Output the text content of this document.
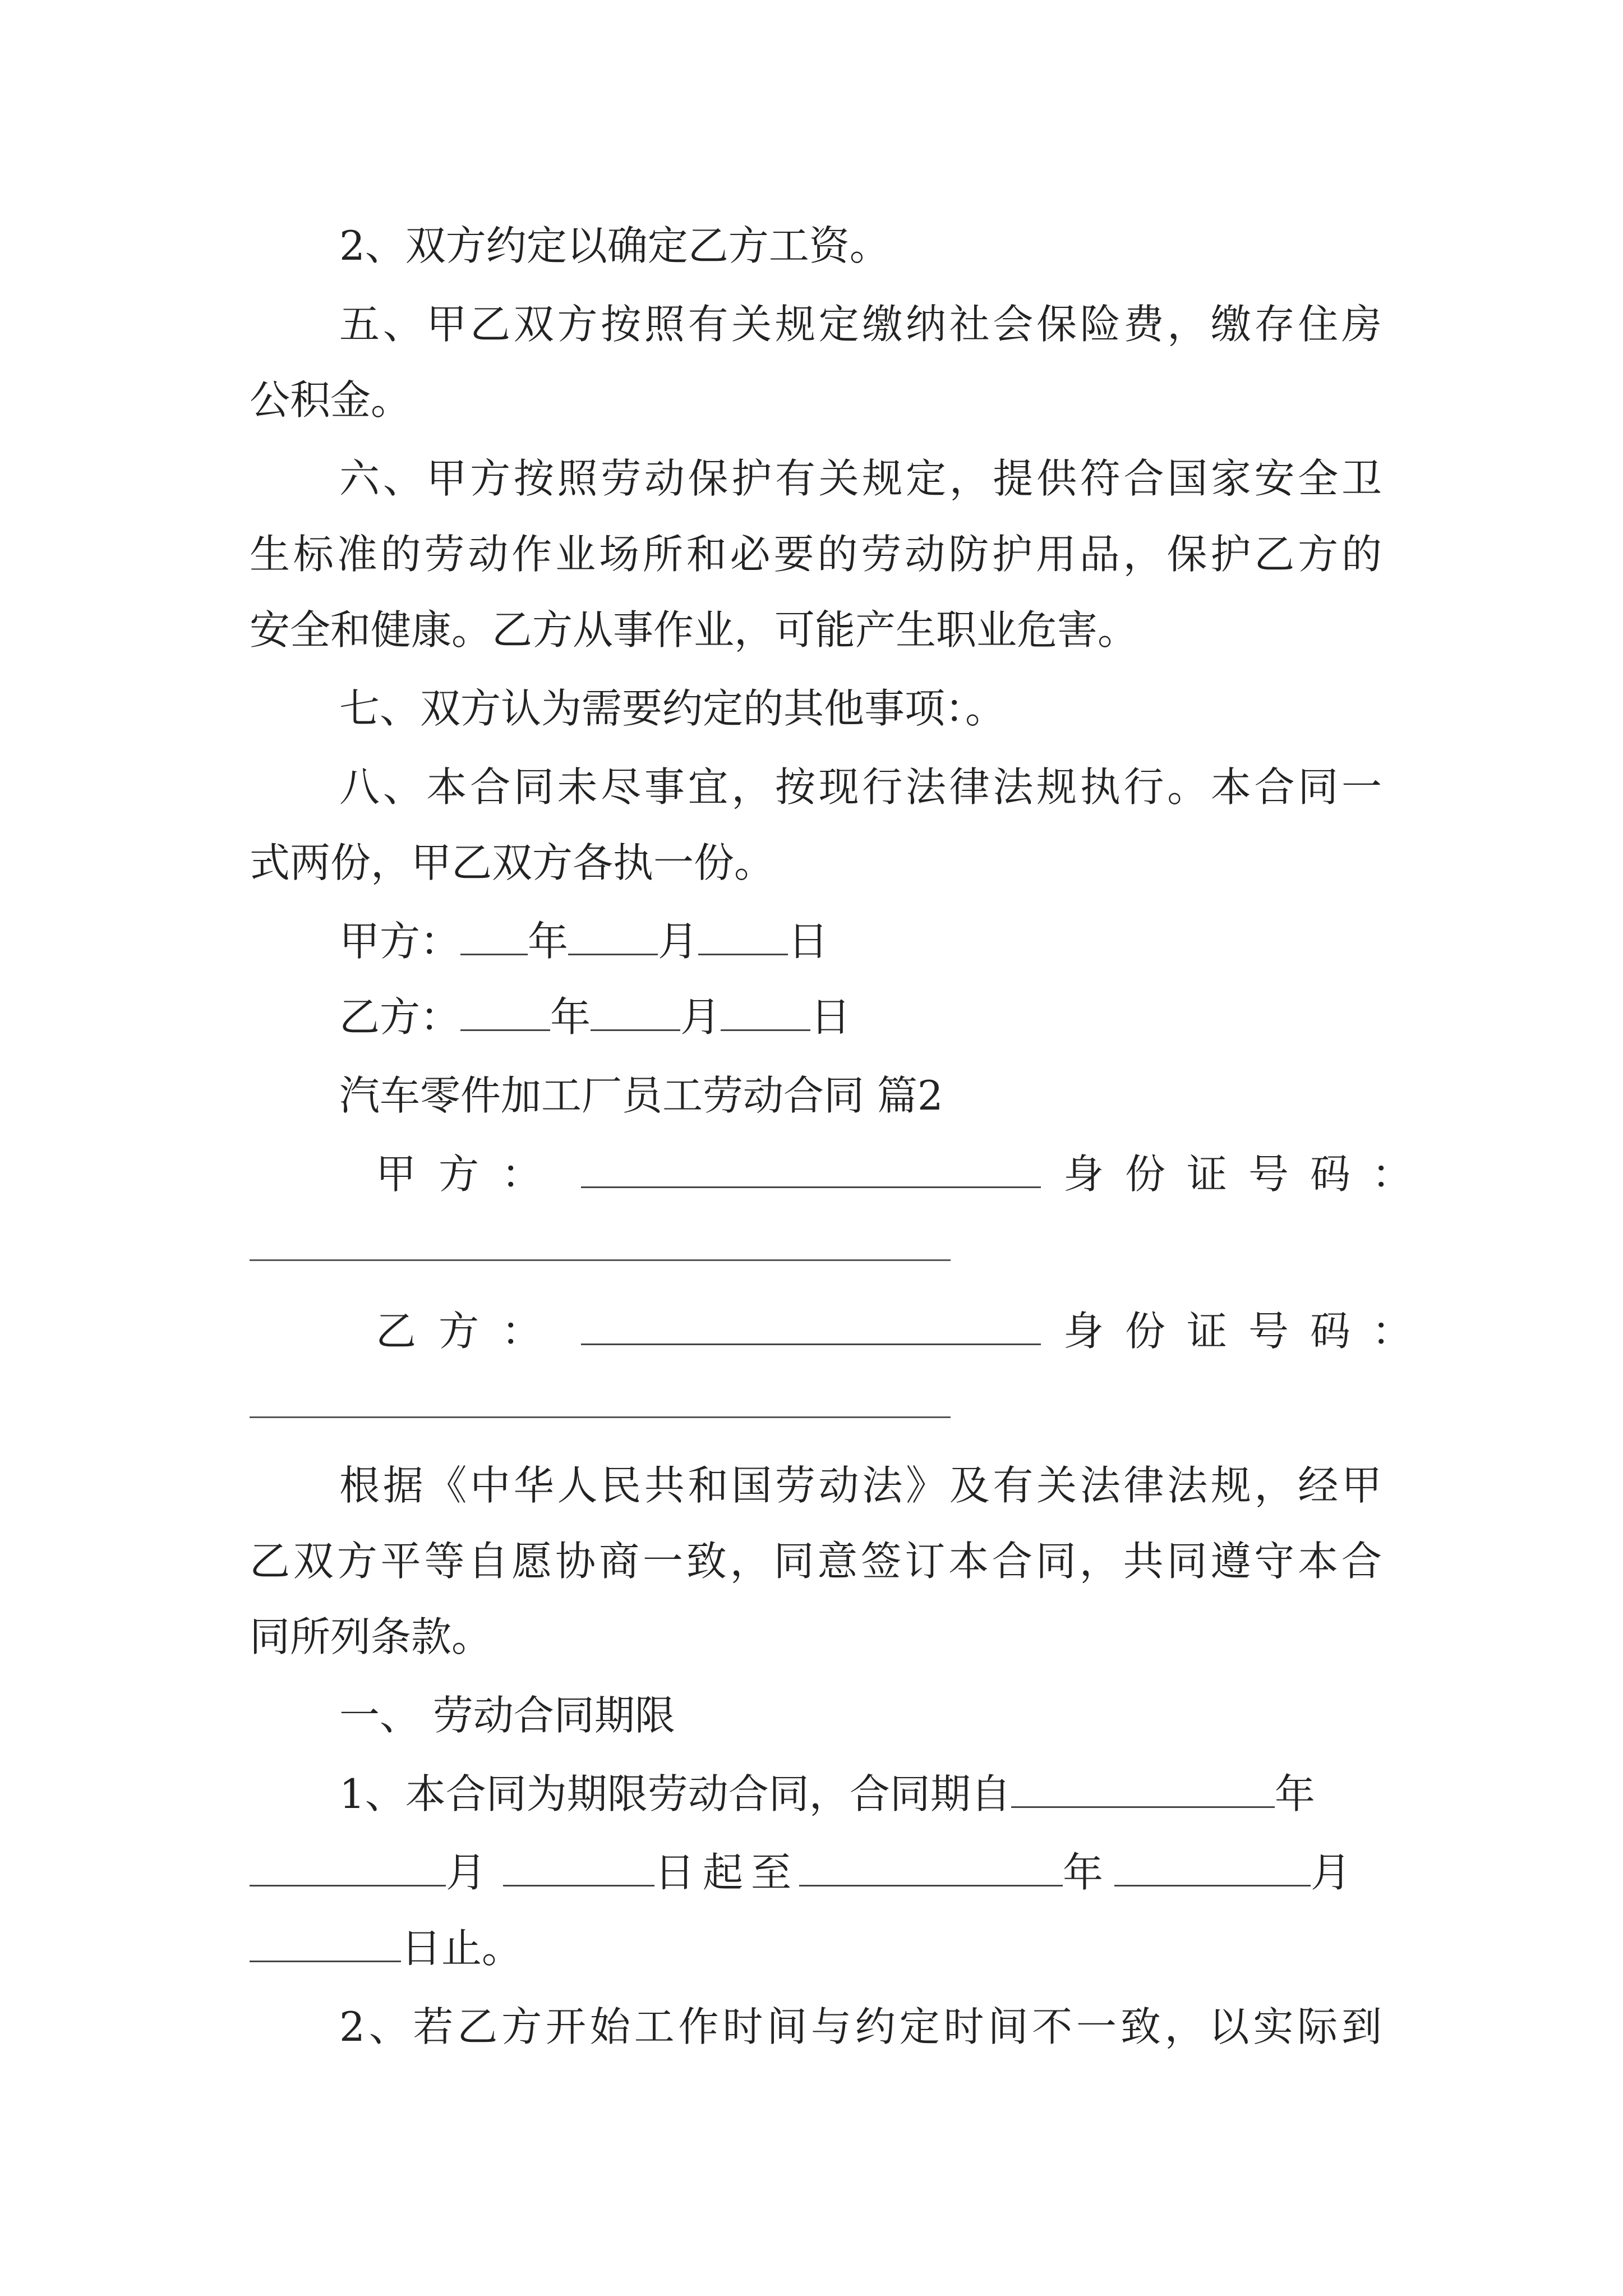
2、双方约定以确定乙方工资。
五、甲乙双方按照有关规定缴纳社会保险费，缴存住房
公积金。
六、甲方按照劳动保护有关规定，提供符合国家安全卫
生标准的劳动作业场所和必要的劳动防护用品，保护乙方的
安全和健康。乙方从事作业，可能产生职业危害。
七、双方认为需要约定的其他事项：。
八、本合同未尽事宜，按现行法律法规执行。本合同一
式两份，甲乙双方各执一份。
甲方： 年 月 日
乙方： 年 月 日
汽车零件加工厂员工劳动合同 篇2
甲方：	身份证号码：
乙方：	身份证号码：
根据《中华人民共和国劳动法》及有关法律法规，经甲
乙双方平等自愿协商一致，同意签订本合同，共同遵守本合
同所列条款。
一、 劳动合同期限
1、本合同为期限劳动合同，合同期自	年
月	日起至	年	月
日止。
2、若乙方开始工作时间与约定时间不一致，以实际到
